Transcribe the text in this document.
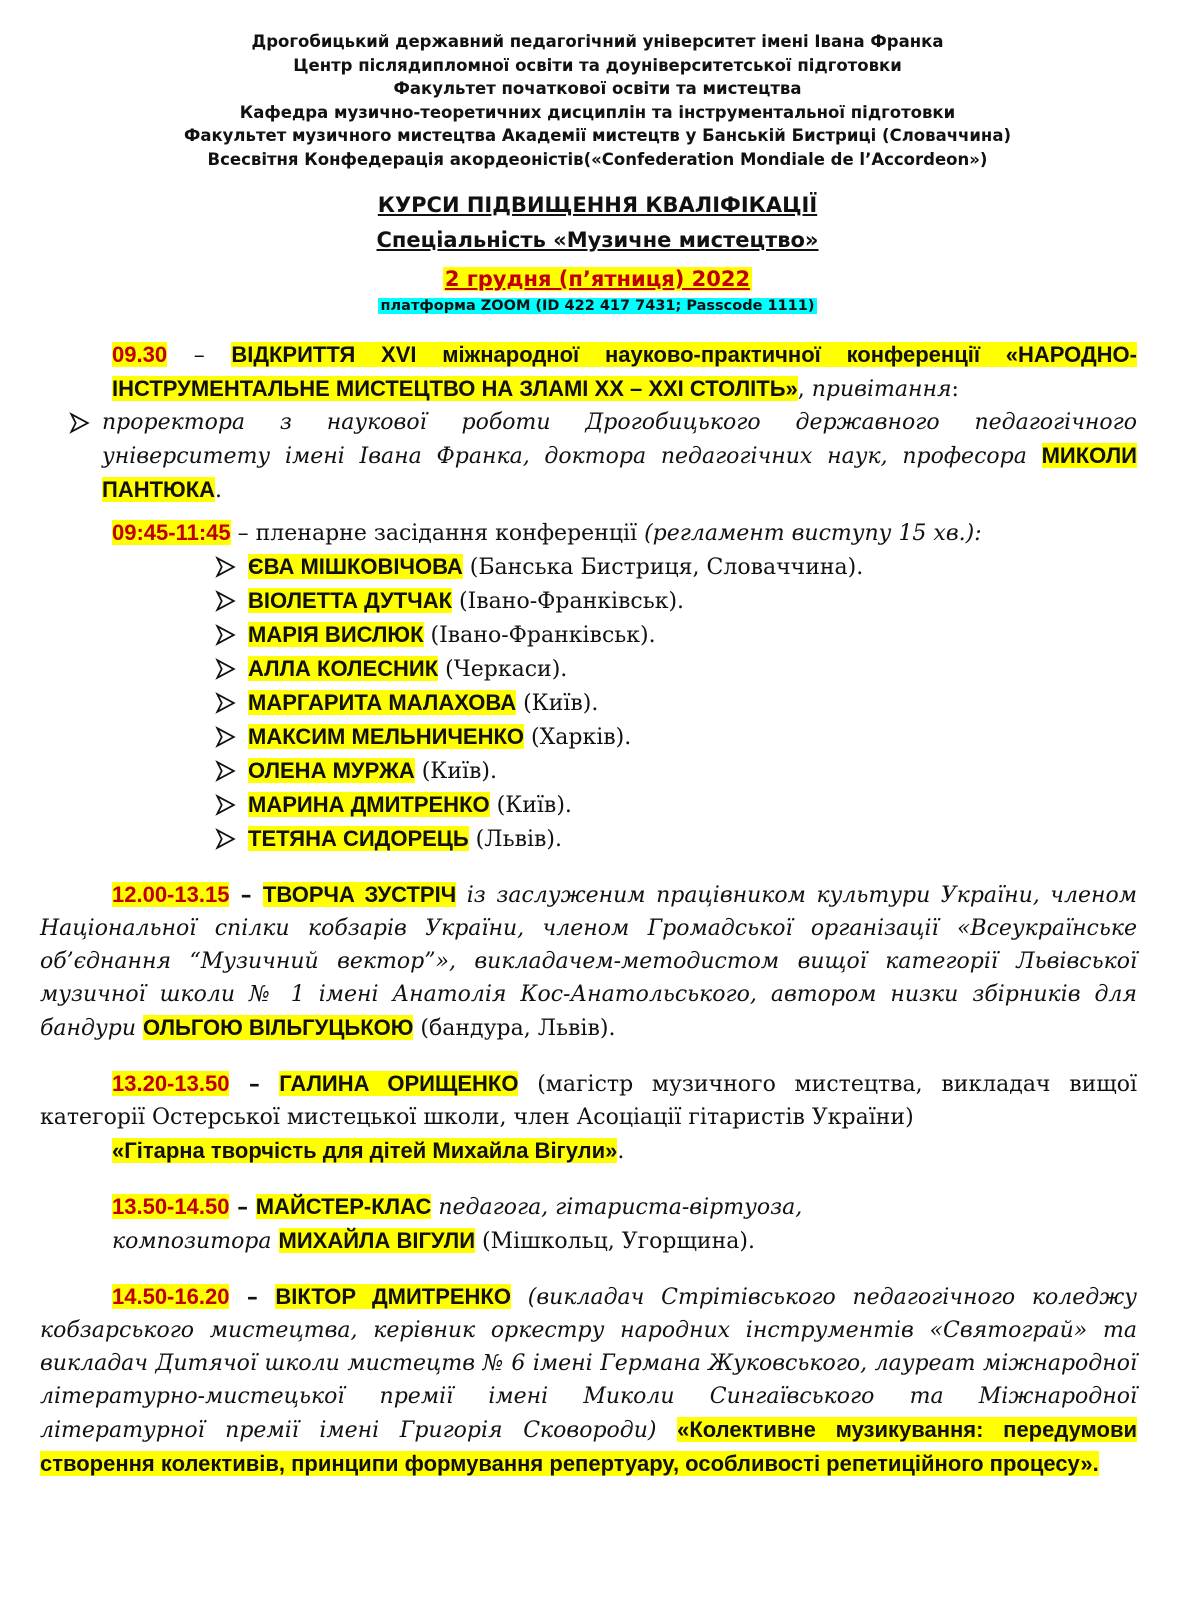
Дрогобицький державний педагогічний університет імені Івана Франка
Центр післядипломної освіти та доуніверситетської підготовки
Факультет початкової освіти та мистецтва
Кафедра музично-теоретичних дисциплін та інструментальної підготовки
Факультет музичного мистецтва Академії мистецтв у Банській Бистриці (Словаччина)
Всесвітня Конфедерація акордеоністів(«Confederation Mondiale de l’Accordeon»)
КУРСИ ПІДВИЩЕННЯ КВАЛІФІКАЦІЇ
Спеціальність «Музичне мистецтво»
2 грудня (п’ятниця) 2022
платформа ZOOM (ID 422 417 7431; Passcode 1111)

09.30 – ВІДКРИТТЯ XVI міжнародної науково-практичної конференції «НАРОДНО-ІНСТРУМЕНТАЛЬНЕ МИСТЕЦТВО НА ЗЛАМІ ХХ – ХХІ СТОЛІТЬ», привітання:

проректора з наукової роботи Дрогобицького державного педагогічного університету імені Івана Франка, доктора педагогічних наук, професора МИКОЛИ ПАНТЮКА.

09:45-11:45 – пленарне засідання конференції (регламент виступу 15 хв.):

ЄВА МІШКОВІЧОВА (Банська Бистриця, Словаччина).
ВІОЛЕТТА ДУТЧАК (Івано-Франківськ).
МАРІЯ ВИСЛЮК (Івано-Франківськ).
АЛЛА КОЛЕСНИК (Черкаси).
МАРГАРИТА МАЛАХОВА (Київ).
МАКСИМ МЕЛЬНИЧЕНКО (Харків).
ОЛЕНА МУРЖА (Київ).
МАРИНА ДМИТРЕНКО (Київ).
ТЕТЯНА СИДОРЕЦЬ (Львів).

12.00-13.15 – ТВОРЧА ЗУСТРІЧ із заслуженим працівником культури України, членом Національної спілки кобзарів України, членом Громадської організації «Всеукраїнське об’єднання “Музичний вектор”», викладачем-методистом вищої категорії Львівської музичної школи № 1 імені Анатолія Кос-Анатольського, автором низки збірників для бандури ОЛЬГОЮ ВІЛЬГУЦЬКОЮ (бандура, Львів).

13.20-13.50 – ГАЛИНА ОРИЩЕНКО (магістр музичного мистецтва, викладач вищої категорії Остерської мистецької школи, член Асоціації гітаристів України)

«Гітарна творчість для дітей Михайла Вігули».

13.50-14.50 – МАЙСТЕР-КЛАС педагога, гітариста-віртуоза,

композитора МИХАЙЛА ВІГУЛИ (Мішкольц, Угорщина).

14.50-16.20 – ВІКТОР ДМИТРЕНКО (викладач Стрітівського педагогічного коледжу кобзарського мистецтва, керівник оркестру народних інструментів «Святограй» та викладач Дитячої школи мистецтв № 6 імені Германа Жуковського, лауреат міжнародної літературно-мистецької премії імені Миколи Сингаївського та Міжнародної літературної премії імені Григорія Сковороди) «Колективне музикування: передумови створення колективів, принципи формування репертуару, особливості репетиційного процесу».
